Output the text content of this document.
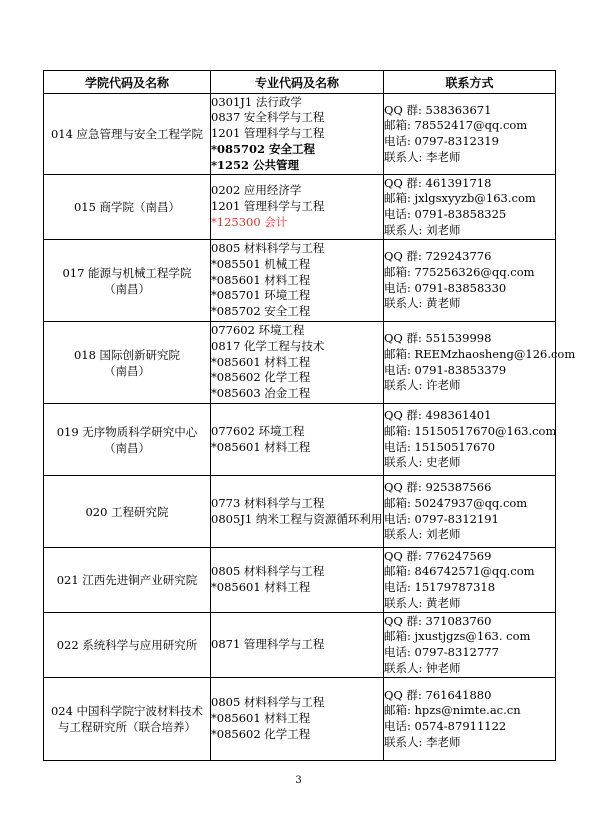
学院代码及名称	专业代码及名称	联系方式

014 应急管理与安全工程学院	0301J1 法行政学
0837 安全科学与工程
1201 管理科学与工程
*085702 安全工程
*1252 公共管理	QQ 群: 538363671
邮箱: 78552417@qq.com
电话: 0797-8312319
联系人: 李老师

015 商学院（南昌）	0202 应用经济学
1201 管理科学与工程
*125300 会计	QQ 群: 461391718
邮箱: jxlgsxyyzb@163.com
电话: 0791-83858325
联系人: 刘老师

017 能源与机械工程学院
（南昌）	0805 材料科学与工程
*085501 机械工程
*085601 材料工程
*085701 环境工程
*085702 安全工程	QQ 群: 729243776
邮箱: 775256326@qq.com
电话: 0791-83858330
联系人: 黄老师

018 国际创新研究院
（南昌）	077602 环境工程
0817 化学工程与技术
*085601 材料工程
*085602 化学工程
*085603 冶金工程	QQ 群: 551539998
邮箱: REEMzhaosheng@126.com
电话: 0791-83853379
联系人: 许老师

019 无序物质科学研究中心
（南昌）	077602 环境工程
*085601 材料工程	QQ 群: 498361401
邮箱: 15150517670@163.com
电话: 15150517670
联系人: 史老师

020 工程研究院	0773 材料科学与工程
0805J1 纳米工程与资源循环利用	QQ 群: 925387566
邮箱: 50247937@qq.com
电话: 0797-8312191
联系人: 刘老师

021 江西先进铜产业研究院	0805 材料科学与工程
*085601 材料工程	QQ 群: 776247569
邮箱: 846742571@qq.com
电话: 15179787318
联系人: 黄老师

022 系统科学与应用研究所	0871 管理科学与工程	QQ 群: 371083760
邮箱: jxustjgzs@163. com
电话: 0797-8312777
联系人: 钟老师

024 中国科学院宁波材料技术
与工程研究所（联合培养）	0805 材料科学与工程
*085601 材料工程
*085602 化学工程	QQ 群: 761641880
邮箱: hpzs@nimte.ac.cn
电话: 0574-87911122
联系人: 李老师
3
